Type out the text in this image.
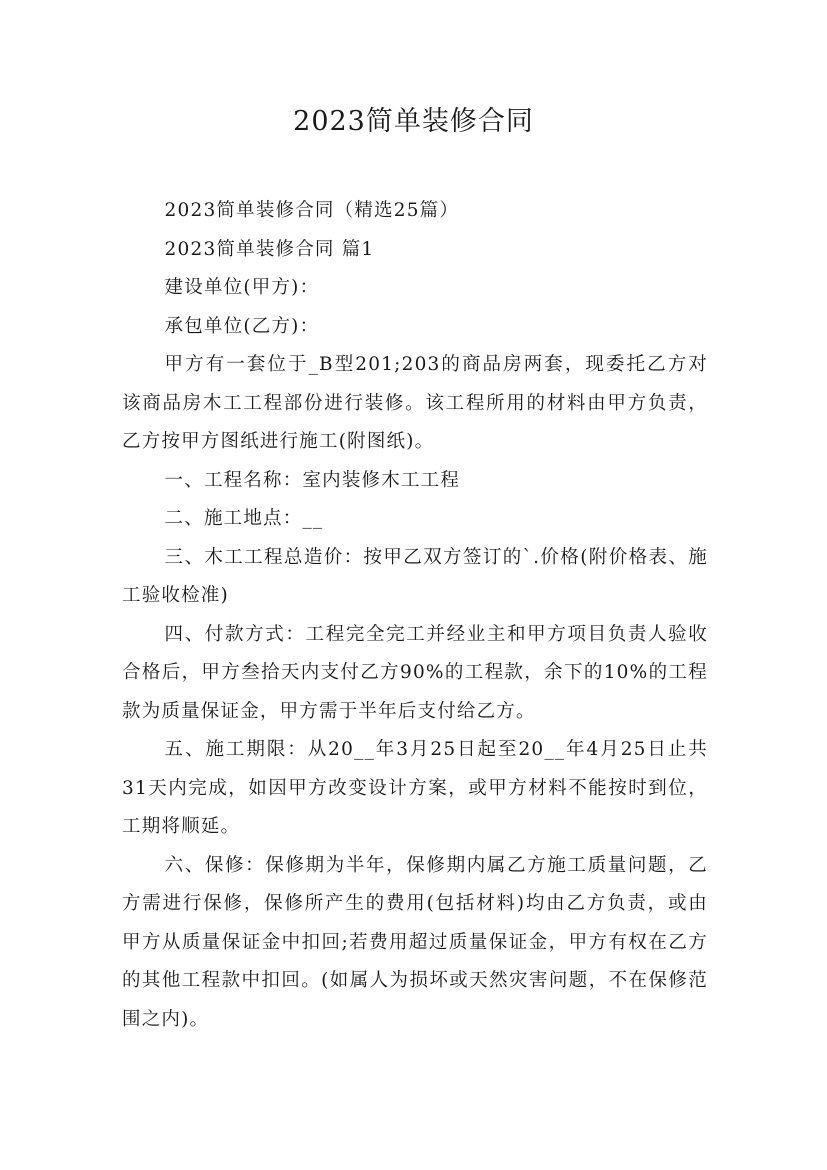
2023简单装修合同

2023简单装修合同（精选25篇）

2023简单装修合同 篇1

建设单位(甲方)：

承包单位(乙方)：

甲方有一套位于_B型201;203的商品房两套，现委托乙方对该商品房木工工程部份进行装修。该工程所用的材料由甲方负责，乙方按甲方图纸进行施工(附图纸)。

一、工程名称：室内装修木工工程

二、施工地点：__

三、木工工程总造价：按甲乙双方签订的`.价格(附价格表、施工验收检准)

四、付款方式：工程完全完工并经业主和甲方项目负责人验收合格后，甲方叁拾天内支付乙方90%的工程款，余下的10%的工程款为质量保证金，甲方需于半年后支付给乙方。

五、施工期限：从20__年3月25日起至20__年4月25日止共31天内完成，如因甲方改变设计方案，或甲方材料不能按时到位，工期将顺延。

六、保修：保修期为半年，保修期内属乙方施工质量问题，乙方需进行保修，保修所产生的费用(包括材料)均由乙方负责，或由甲方从质量保证金中扣回;若费用超过质量保证金，甲方有权在乙方的其他工程款中扣回。(如属人为损坏或天然灾害问题，不在保修范围之内)。
